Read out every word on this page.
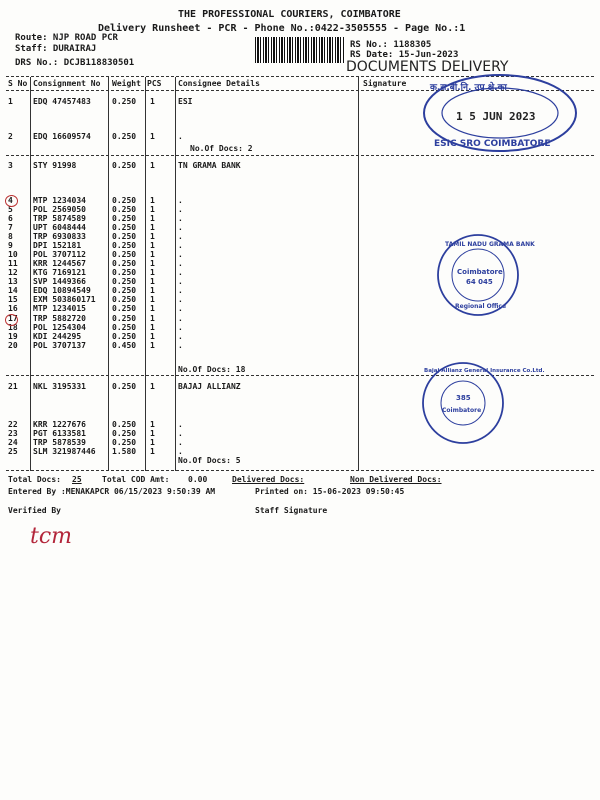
THE PROFESSIONAL COURIERS, COIMBATORE
Delivery Runsheet - PCR - Phone No.:0422-3505555 - Page No.:1
Route: NJP ROAD PCR
Staff: DURAIRAJ
DRS No.: DCJB118830501
RS No.: 1188305
RS Date: 15-Jun-2023
DOCUMENTS DELIVERY
S No Consignment No Weight PCS Consignee Details	Signature
1	EDQ 47457483	0.250 1	ESI
2	EDQ 16609574	0.250 1	.
3	STY 91998	0.250 1	TN GRAMA BANK
4	MTP 1234034	0.250 1	.
5	POL 2569050	0.250 1	.
6	TRP 5874589	0.250 1	.
7	UPT 6048444	0.250 1	.
8	TRP 6930833	0.250 1	.
9	DPI 152181	0.250 1	.
10 POL 3707112	0.250 1	.
11 KRR 1244567	0.250 1	.
12 KTG 7169121	0.250 1	.
13 SVP 1449366	0.250 1	.
14 EDQ 10894549	0.250 1	.
15 EXM 503860171 0.250 1	.
16 MTP 1234015	0.250 1	.
17 TRP 5882720	0.250 1	.
18 POL 1254304	0.250 1	.
19 KDI 244295	0.250 1	.
20 POL 3707137	0.450 1	.
21 NKL 3195331	0.250 1	BAJAJ ALLIANZ
22 KRR 1227676	0.250 1	.
23 PGT 6133581	0.250 1	.
24 TRP 5878539	0.250 1	.
25 SLM 321987446 1.580 1	.
No.Of Docs: 2
No.Of Docs: 18
No.Of Docs: 5
Total Docs: 25	Total COD Amt: 0.00	Delivered Docs:	Non Delivered Docs:
Entered By :MENAKAPCR 06/15/2023 9:50:39 AM	Printed on: 15-06-2023 09:50:45
Verified By	Staff Signature
tcm
क.रा.बी.नि. उप क्षे.का
1 5 JUN 2023
ESIC SRO COIMBATORE
TAMIL NADU GRAMA BANK
Coimbatore
64 045
Regional Office
Bajaj Allianz General Insurance Co.Ltd.
385
Coimbatore
